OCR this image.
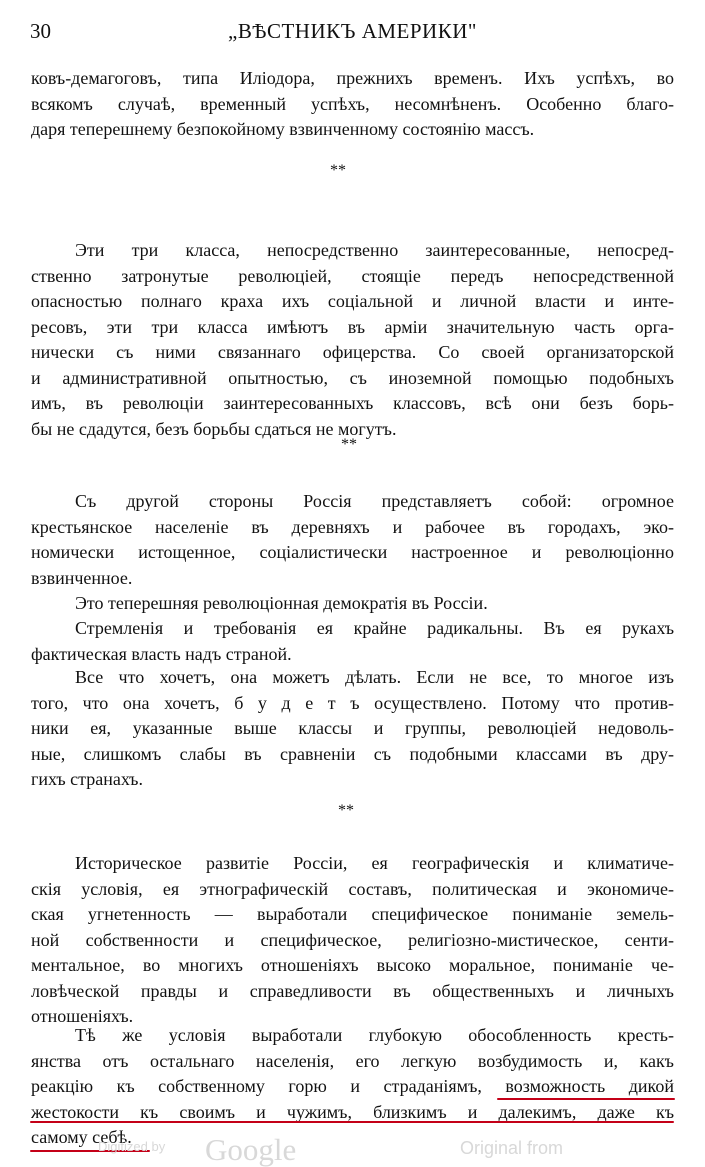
30	„ВѢСТНИКЪ АМЕРИКИ"
ковъ-демагоговъ, типа Иліодора, прежнихъ временъ. Ихъ успѣхъ, во
всякомъ случаѣ, временный успѣхъ, несомнѣненъ. Особенно благо-
даря теперешнему безпокойному взвинченному состоянію массъ.
**
Эти три класса, непосредственно заинтересованные, непосред-
ственно затронутые революціей, стоящіе передъ непосредственной
опасностью полнаго краха ихъ соціальной и личной власти и инте-
ресовъ, эти три класса имѣютъ въ арміи значительную часть орга-
нически съ ними связаннаго офицерства. Со своей организаторской
и административной опытностью, съ иноземной помощью подобныхъ
имъ, въ революціи заинтересованныхъ классовъ, всѣ они безъ борь-
бы не сдадутся, безъ борьбы сдаться не могутъ.
**
Съ другой стороны Россія представляетъ собой: огромное
крестьянское населеніе въ деревняхъ и рабочее въ городахъ, эко-
номически истощенное, соціалистически настроенное и революціонно
взвинченное.
Это теперешняя революціонная демократія въ Россіи.
Стремленія и требованія ея крайне радикальны. Въ ея рукахъ
фактическая власть надъ страной.
Все что хочетъ, она можетъ дѣлать. Если не все, то многое изъ
того, что она хочетъ, б у д е т ъ осуществлено. Потому что против-
ники ея, указанные выше классы и группы, революціей недоволь-
ные, слишкомъ слабы въ сравненіи съ подобными классами въ дру-
гихъ странахъ.
**
Историческое развитіе Россіи, ея географическія и климатиче-
скія условія, ея этнографическій составъ, политическая и экономиче-
ская угнетенность — выработали специфическое пониманіе земель-
ной собственности и специфическое, религіозно-мистическое, сенти-
ментальное, во многихъ отношеніяхъ высоко моральное, пониманіе че-
ловѣческой правды и справедливости въ общественныхъ и личныхъ
отношеніяхъ.
Тѣ же условія выработали глубокую обособленность кресть-
янства отъ остальнаго населенія, его легкую возбудимость и, какъ
реакцію къ собственному горю и страданіямъ, возможность дикой
жестокости къ своимъ и чужимъ, близкимъ и далекимъ, даже къ
самому себѣ.
Digitized by Google	Original from
